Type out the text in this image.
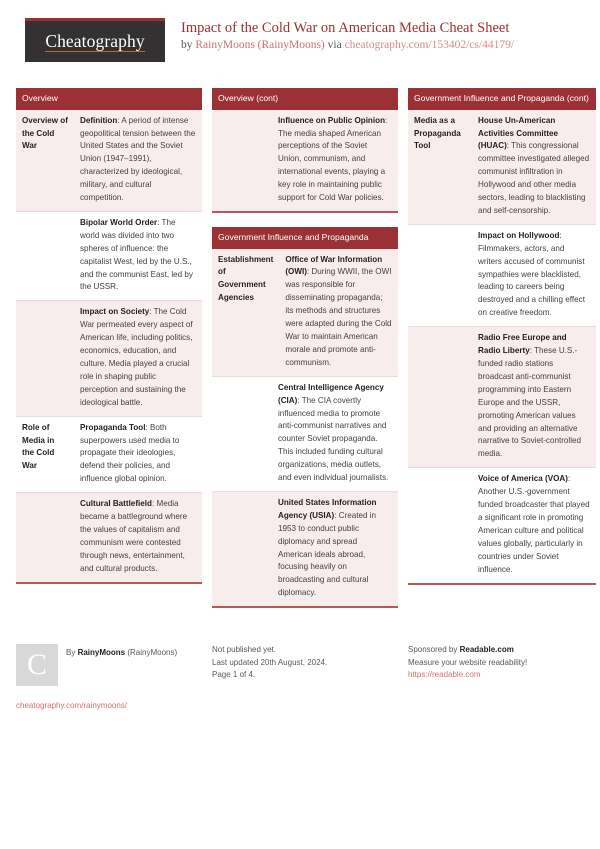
Cheatography
Impact of the Cold War on American Media Cheat Sheet
by RainyMoons (RainyMoons) via cheatography.com/153402/cs/44179/
Overview
Overview of the Cold War
Definition: A period of intense geopolitical tension between the United States and the Soviet Union (1947–1991), characterized by ideological, military, and cultural competition.
Bipolar World Order: The world was divided into two spheres of influence: the capitalist West, led by the U.S., and the communist East, led by the USSR.
Impact on Society: The Cold War permeated every aspect of American life, including politics, economics, education, and culture. Media played a crucial role in shaping public perception and sustaining the ideological battle.
Role of Media in the Cold War
Propaganda Tool: Both superpowers used media to propagate their ideologies, defend their policies, and influence global opinion.
Cultural Battlefield: Media became a battleground where the values of capitalism and communism were contested through news, entertainment, and cultural products.
Overview (cont)
Influence on Public Opinion: The media shaped American perceptions of the Soviet Union, communism, and international events, playing a key role in maintaining public support for Cold War policies.
Government Influence and Propaganda
Establishment of Government Agencies
Office of War Information (OWI): During WWII, the OWI was responsible for disseminating propaganda; its methods and structures were adapted during the Cold War to maintain American morale and promote anti-communism.
Central Intelligence Agency (CIA): The CIA covertly influenced media to promote anti-communist narratives and counter Soviet propaganda. This included funding cultural organizations, media outlets, and even individual journalists.
United States Information Agency (USIA): Created in 1953 to conduct public diplomacy and spread American ideals abroad, focusing heavily on broadcasting and cultural diplomacy.
Government Influence and Propaganda (cont)
Media as a Propaganda Tool
House Un-American Activities Committee (HUAC): This congressional committee investigated alleged communist infiltration in Hollywood and other media sectors, leading to blacklisting and self-censorship.
Impact on Hollywood: Filmmakers, actors, and writers accused of communist sympathies were blacklisted, leading to careers being destroyed and a chilling effect on creative freedom.
Radio Free Europe and Radio Liberty: These U.S.-funded radio stations broadcast anti-communist programming into Eastern Europe and the USSR, promoting American values and providing an alternative narrative to Soviet-controlled media.
Voice of America (VOA): Another U.S.-government funded broadcaster that played a significant role in promoting American culture and political values globally, particularly in countries under Soviet influence.
C	By RainyMoons (RainyMoons)
cheatography.com/rainymoons/
Not published yet.
Last updated 20th August, 2024.
Page 1 of 4.
Sponsored by Readable.com
Measure your website readability!
https://readable.com
